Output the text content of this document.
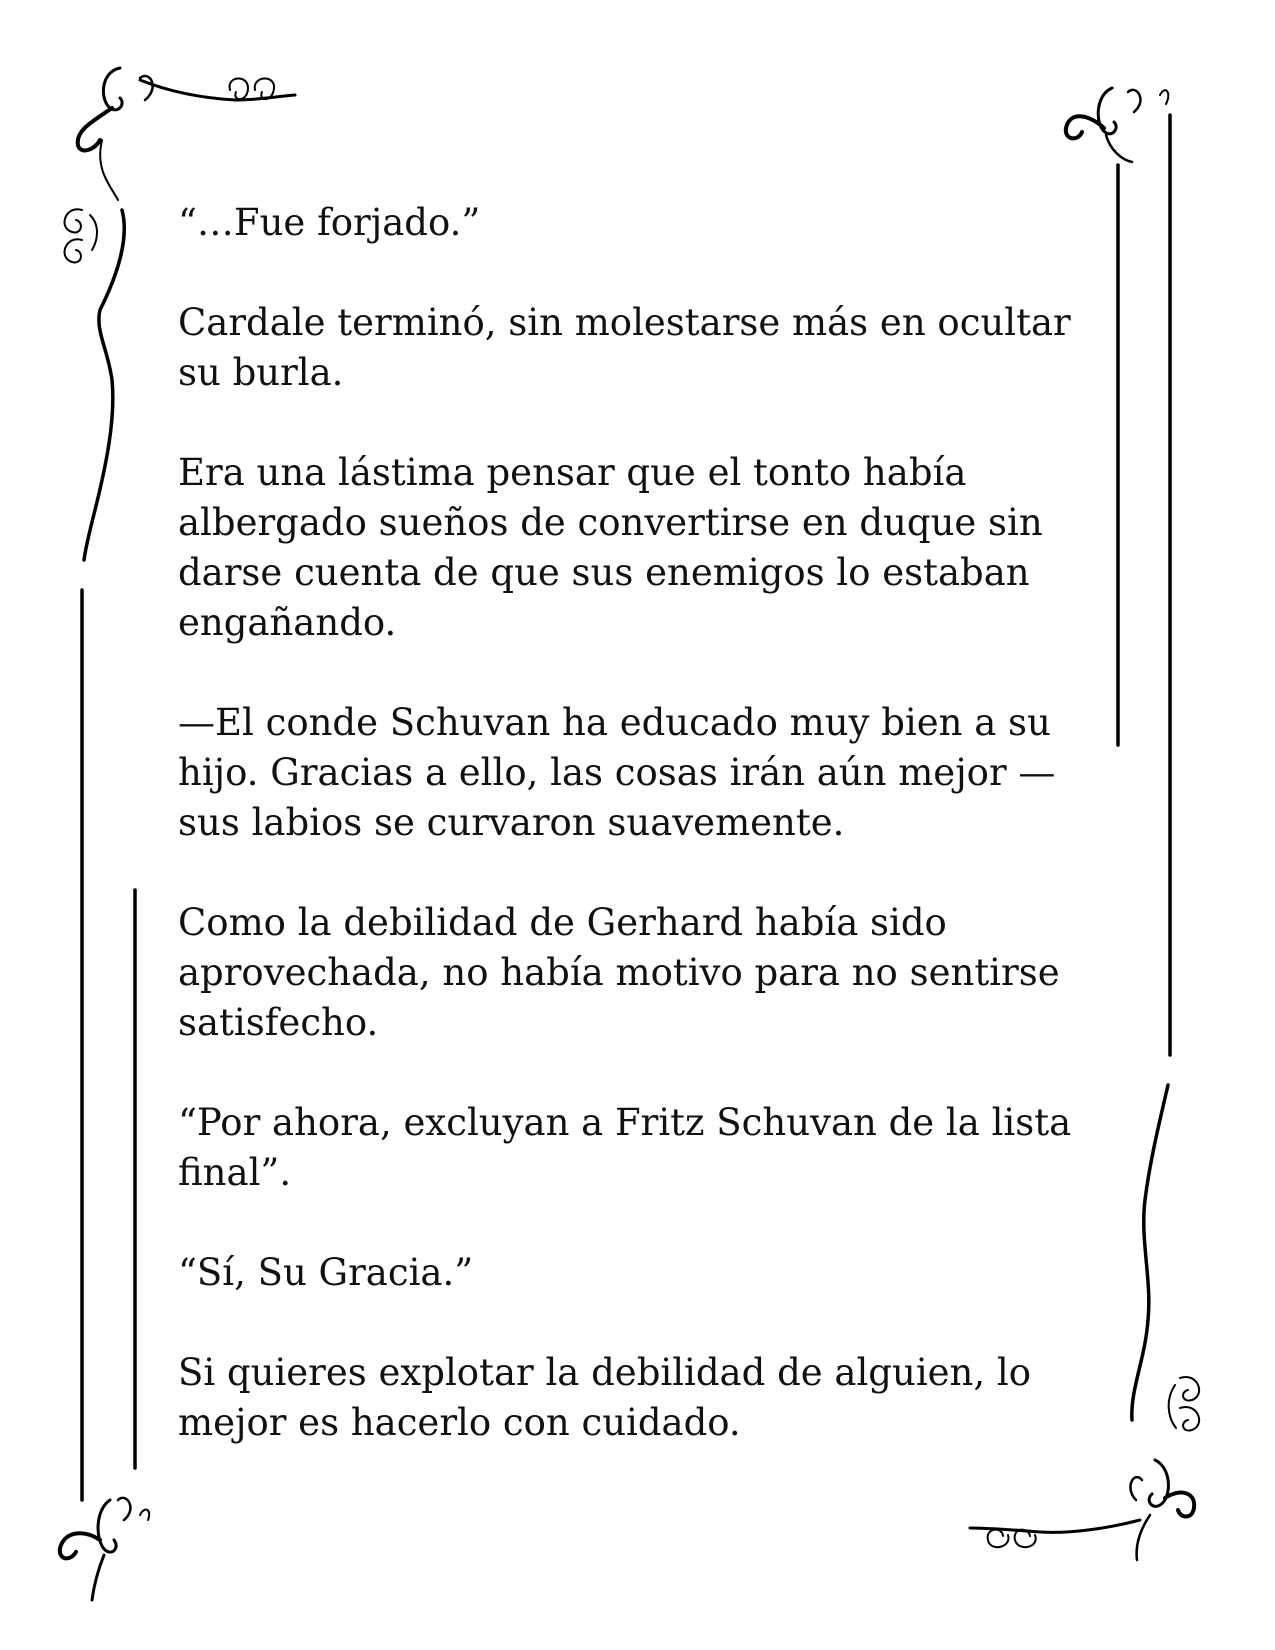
“…Fue forjado.”

Cardale terminó, sin molestarse más en ocultar su burla.

Era una lástima pensar que el tonto había albergado sueños de convertirse en duque sin darse cuenta de que sus enemigos lo estaban engañando.

—El conde Schuvan ha educado muy bien a su hijo. Gracias a ello, las cosas irán aún mejor — sus labios se curvaron suavemente.

Como la debilidad de Gerhard había sido aprovechada, no había motivo para no sentirse satisfecho.

“Por ahora, excluyan a Fritz Schuvan de la lista final”.

“Sí, Su Gracia.”

Si quieres explotar la debilidad de alguien, lo mejor es hacerlo con cuidado.
